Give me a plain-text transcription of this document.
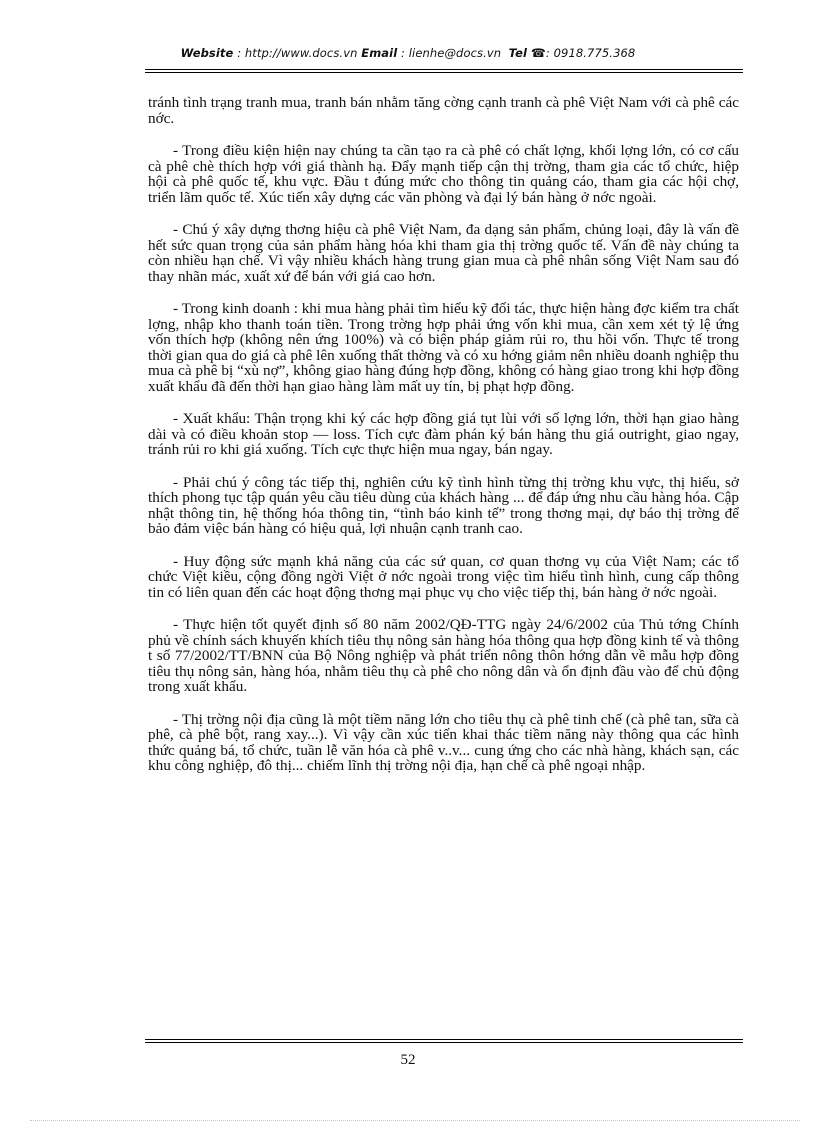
Website : http://www.docs.vn Email : lienhe@docs.vn Tel ☎: 0918.775.368

tránh tình trạng tranh mua, tranh bán nhằm tăng cờng cạnh tranh cà phê Việt Nam với cà phê các nớc.

- Trong điều kiện hiện nay chúng ta cần tạo ra cà phê có chất lợng, khối lợng lớn, có cơ cấu cà phê chè thích hợp với giá thành hạ. Đẩy mạnh tiếp cận thị trờng, tham gia các tổ chức, hiệp hội cà phê quốc tế, khu vực. Đầu t đúng mức cho thông tin quảng cáo, tham gia các hội chợ, triển lãm quốc tế. Xúc tiến xây dựng các văn phòng và đại lý bán hàng ở nớc ngoài.

- Chú ý xây dựng thơng hiệu cà phê Việt Nam, đa dạng sản phẩm, chủng loại, đây là vấn đề hết sức quan trọng của sản phẩm hàng hóa khi tham gia thị trờng quốc tế. Vấn đề này chúng ta còn nhiều hạn chế. Vì vậy nhiều khách hàng trung gian mua cà phê nhân sống Việt Nam sau đó thay nhãn mác, xuất xứ để bán với giá cao hơn.

- Trong kinh doanh : khi mua hàng phải tìm hiểu kỹ đối tác, thực hiện hàng đợc kiểm tra chất lợng, nhập kho thanh toán tiền. Trong trờng hợp phải ứng vốn khi mua, cần xem xét tỷ lệ ứng vốn thích hợp (không nên ứng 100%) và có biện pháp giảm rủi ro, thu hồi vốn. Thực tế trong thời gian qua do giá cà phê lên xuống thất thờng và có xu hớng giảm nên nhiều doanh nghiệp thu mua cà phê bị “xù nợ”, không giao hàng đúng hợp đồng, không có hàng giao trong khi hợp đồng xuất khẩu đã đến thời hạn giao hàng làm mất uy tín, bị phạt hợp đồng.

- Xuất khẩu: Thận trọng khi ký các hợp đồng giá tụt lùi với số lợng lớn, thời hạn giao hàng dài và có điều khoản stop — loss. Tích cực đàm phán ký bán hàng thu giá outright, giao ngay, tránh rủi ro khi giá xuống. Tích cực thực hiện mua ngay, bán ngay.

- Phải chú ý công tác tiếp thị, nghiên cứu kỹ tình hình từng thị trờng khu vực, thị hiếu, sở thích phong tục tập quán yêu cầu tiêu dùng của khách hàng ... để đáp ứng nhu cầu hàng hóa. Cập nhật thông tin, hệ thống hóa thông tin, “tình báo kinh tế” trong thơng mại, dự báo thị trờng để bảo đảm việc bán hàng có hiệu quả, lợi nhuận cạnh tranh cao.

- Huy động sức mạnh khả năng của các sứ quan, cơ quan thơng vụ của Việt Nam; các tổ chức Việt kiều, cộng đồng ngời Việt ở nớc ngoài trong việc tìm hiểu tình hình, cung cấp thông tin có liên quan đến các hoạt động thơng mại phục vụ cho việc tiếp thị, bán hàng ở nớc ngoài.

- Thực hiện tốt quyết định số 80 năm 2002/QĐ-TTG ngày 24/6/2002 của Thủ tớng Chính phủ về chính sách khuyến khích tiêu thụ nông sản hàng hóa thông qua hợp đồng kinh tế và thông t số 77/2002/TT/BNN của Bộ Nông nghiệp và phát triển nông thôn hớng dẫn về mẫu hợp đồng tiêu thụ nông sản, hàng hóa, nhằm tiêu thụ cà phê cho nông dân và ổn định đầu vào để chủ động trong xuất khẩu.

- Thị trờng nội địa cũng là một tiềm năng lớn cho tiêu thụ cà phê tinh chế (cà phê tan, sữa cà phê, cà phê bột, rang xay...). Vì vậy cần xúc tiến khai thác tiềm năng này thông qua các hình thức quảng bá, tổ chức, tuần lễ văn hóa cà phê v..v... cung ứng cho các nhà hàng, khách sạn, các khu công nghiệp, đô thị... chiếm lĩnh thị trờng nội địa, hạn chế cà phê ngoại nhập.

52
